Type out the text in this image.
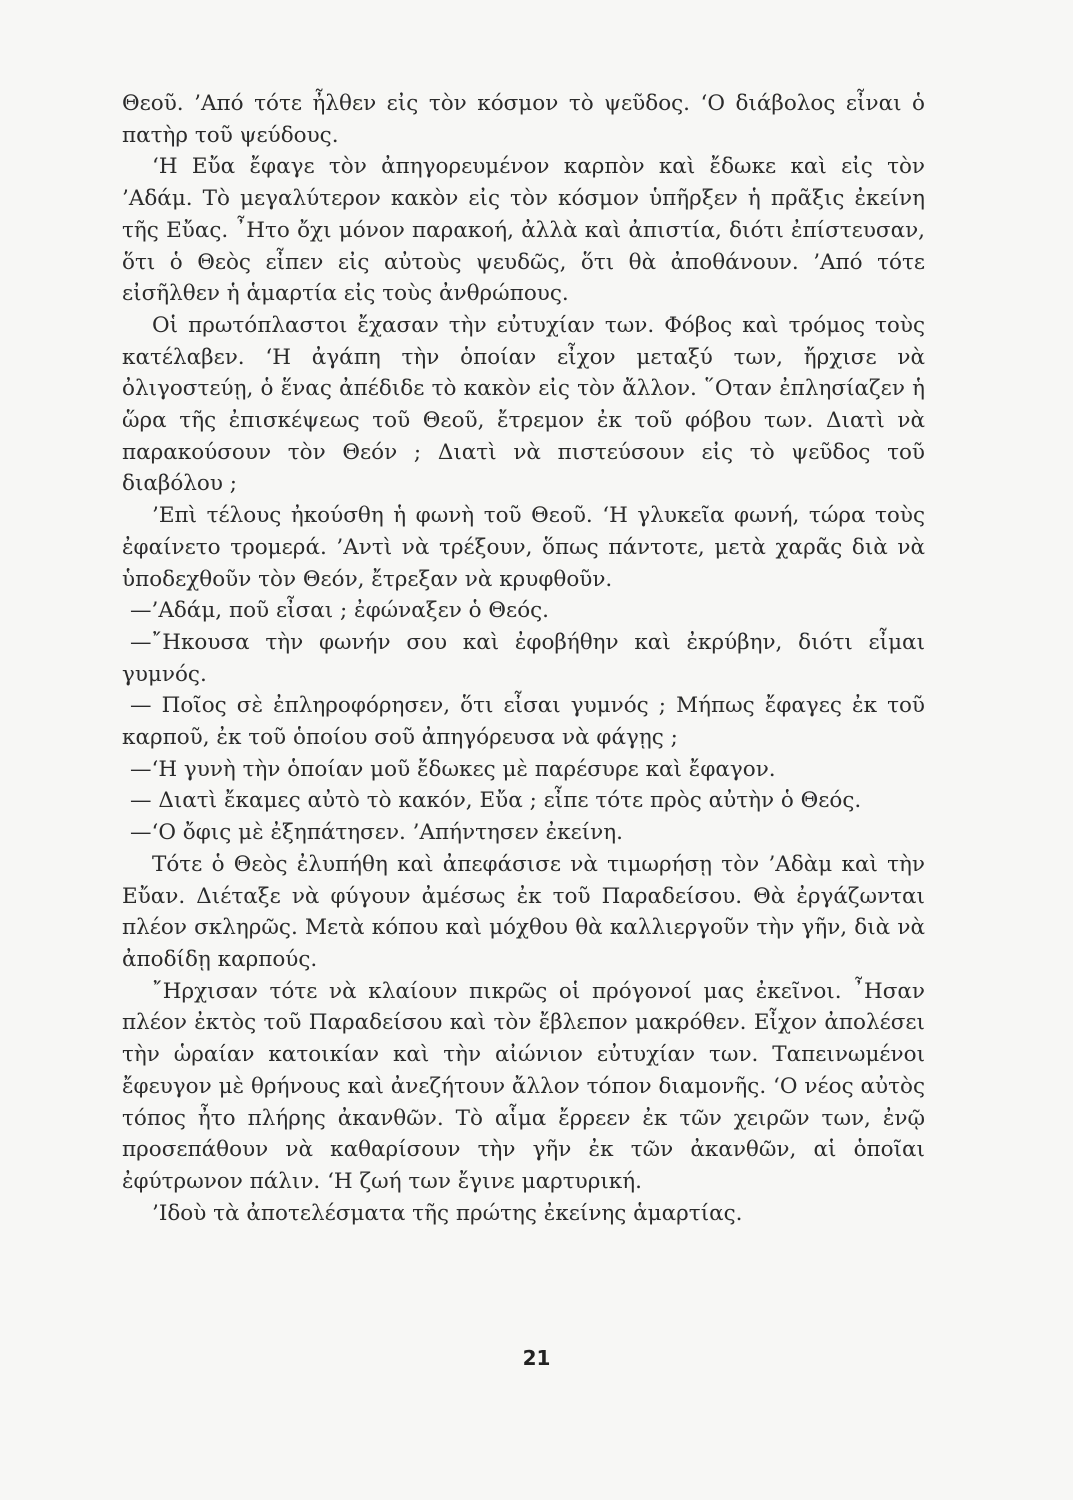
Θεοῦ. ’Από τότε ἦλθεν εἰς τὸν κόσμον τὸ ψεῦδος. ‘Ο διάβολος εἶναι ὁ πατὴρ τοῦ ψεύδους.

‘Η Εὔα ἔφαγε τὸν ἀπηγορευμένον καρπὸν καὶ ἔδωκε καὶ εἰς τὸν ’Αδάμ. Τὸ μεγαλύτερον κακὸν εἰς τὸν κόσμον ὑπῆρξεν ἡ πρᾶξις ἐκείνη τῆς Εὔας. ῏Ητο ὄχι μόνον παρακοή, ἀλλὰ καὶ ἀπιστία, διότι ἐπίστευσαν, ὅτι ὁ Θεὸς εἶπεν εἰς αὐτοὺς ψευδῶς, ὅτι θὰ ἀποθάνουν. ’Από τότε εἰσῆλθεν ἡ ἁμαρτία εἰς τοὺς ἀνθρώπους.

Οἱ πρωτόπλαστοι ἔχασαν τὴν εὐτυχίαν των. Φόβος καὶ τρόμος τοὺς κατέλαβεν. ‘Η ἀγάπη τὴν ὁποίαν εἶχον μεταξύ των, ἤρχισε νὰ ὀλιγοστεύῃ, ὁ ἕνας ἀπέδιδε τὸ κακὸν εἰς τὸν ἄλλον. ῞Οταν ἐπλησίαζεν ἡ ὥρα τῆς ἐπισκέψεως τοῦ Θεοῦ, ἔτρεμον ἐκ τοῦ φόβου των. Διατὶ νὰ παρακούσουν τὸν Θεόν ; Διατὶ νὰ πιστεύσουν εἰς τὸ ψεῦδος τοῦ διαβόλου ;

’Επὶ τέλους ἠκούσθη ἡ φωνὴ τοῦ Θεοῦ. ‘Η γλυκεῖα φωνή, τώρα τοὺς ἐφαίνετο τρομερά. ’Αντὶ νὰ τρέξουν, ὅπως πάντοτε, μετὰ χαρᾶς διὰ νὰ ὑποδεχθοῦν τὸν Θεόν, ἔτρεξαν νὰ κρυφθοῦν.

—’Αδάμ, ποῦ εἶσαι ; ἐφώναξεν ὁ Θεός.

—῎Ηκουσα τὴν φωνήν σου καὶ ἐφοβήθην καὶ ἐκρύβην, διότι εἶμαι γυμνός.

— Ποῖος σὲ ἐπληροφόρησεν, ὅτι εἶσαι γυμνός ; Μήπως ἔφαγες ἐκ τοῦ καρποῦ, ἐκ τοῦ ὁποίου σοῦ ἀπηγόρευσα νὰ φάγῃς ;

—‘Η γυνὴ τὴν ὁποίαν μοῦ ἔδωκες μὲ παρέσυρε καὶ ἔφαγον.

— Διατὶ ἔκαμες αὐτὸ τὸ κακόν, Εὔα ; εἶπε τότε πρὸς αὐτὴν ὁ Θεός.

—‘Ο ὄφις μὲ ἐξηπάτησεν. ’Απήντησεν ἐκείνη.

Τότε ὁ Θεὸς ἐλυπήθη καὶ ἀπεφάσισε νὰ τιμωρήσῃ τὸν ’Αδὰμ καὶ τὴν Εὔαν. Διέταξε νὰ φύγουν ἀμέσως ἐκ τοῦ Παραδείσου. Θὰ ἐργάζωνται πλέον σκληρῶς. Μετὰ κόπου καὶ μόχθου θὰ καλλιεργοῦν τὴν γῆν, διὰ νὰ ἀποδίδῃ καρπούς.

῎Ηρχισαν τότε νὰ κλαίουν πικρῶς οἱ πρόγονοί μας ἐκεῖνοι. ῏Ησαν πλέον ἐκτὸς τοῦ Παραδείσου καὶ τὸν ἔβλεπον μακρόθεν. Εἶχον ἀπολέσει τὴν ὡραίαν κατοικίαν καὶ τὴν αἰώνιον εὐτυχίαν των. Ταπεινωμένοι ἔφευγον μὲ θρήνους καὶ ἀνεζήτουν ἄλλον τόπον διαμονῆς. ‘Ο νέος αὐτὸς τόπος ἦτο πλήρης ἀκανθῶν. Τὸ αἷμα ἔρρεεν ἐκ τῶν χειρῶν των, ἐνῷ προσεπάθουν νὰ καθαρίσουν τὴν γῆν ἐκ τῶν ἀκανθῶν, αἱ ὁποῖαι ἐφύτρωνον πάλιν. ‘Η ζωή των ἔγινε μαρτυρική.

’Ιδοὺ τὰ ἀποτελέσματα τῆς πρώτης ἐκείνης ἁμαρτίας.

21
